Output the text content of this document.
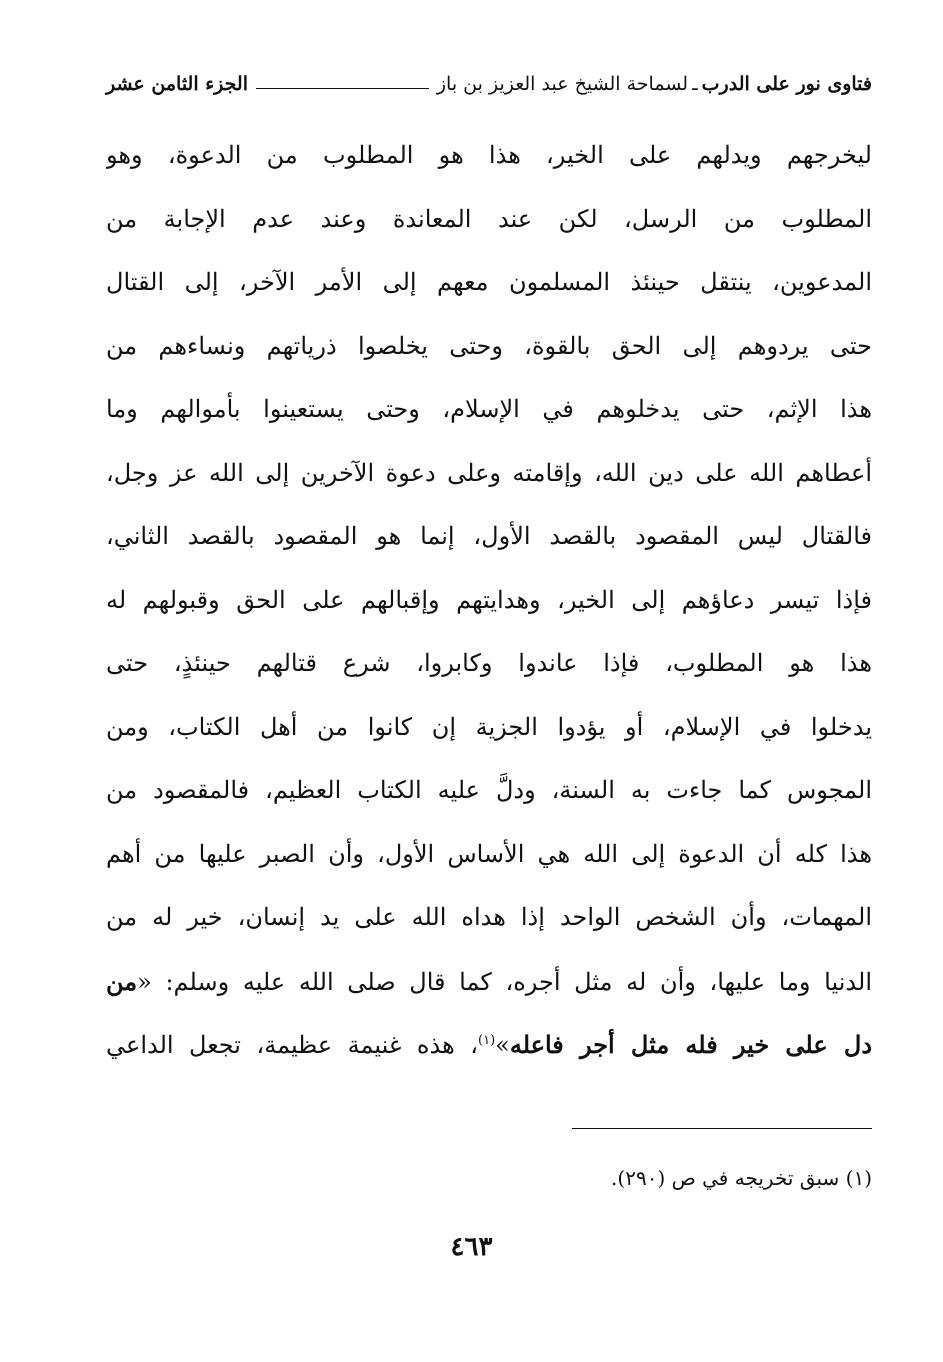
فتاوى نور على الدرب
ـ
لسماحة الشيخ عبد العزيز بن باز
الجزء الثامن عشر
ليخرجهم ويدلهم على الخير، هذا هو المطلوب من الدعوة، وهو
المطلوب من الرسل، لكن عند المعاندة وعند عدم الإجابة من
المدعوين، ينتقل حينئذ المسلمون معهم إلى الأمر الآخر، إلى القتال
حتى يردوهم إلى الحق بالقوة، وحتى يخلصوا ذرياتهم ونساءهم من
هذا الإثم، حتى يدخلوهم في الإسلام، وحتى يستعينوا بأموالهم وما
أعطاهم الله على دين الله، وإقامته وعلى دعوة الآخرين إلى الله عز وجل،
فالقتال ليس المقصود بالقصد الأول، إنما هو المقصود بالقصد الثاني،
فإذا تيسر دعاؤهم إلى الخير، وهدايتهم وإقبالهم على الحق وقبولهم له
هذا هو المطلوب، فإذا عاندوا وكابروا، شرع قتالهم حينئذٍ، حتى
يدخلوا في الإسلام، أو يؤدوا الجزية إن كانوا من أهل الكتاب، ومن
المجوس كما جاءت به السنة، ودلَّ عليه الكتاب العظيم، فالمقصود من
هذا كله أن الدعوة إلى الله هي الأساس الأول، وأن الصبر عليها من أهم
المهمات، وأن الشخص الواحد إذا هداه الله على يد إنسان، خير له من
الدنيا وما عليها، وأن له مثل أجره، كما قال صلى الله عليه وسلم: «من
دل على خير فله مثل أجر فاعله»$^{(١)}$، هذه غنيمة عظيمة، تجعل الداعي
(١) سبق تخريجه في ص (٢٩٠).
٤٦٣
